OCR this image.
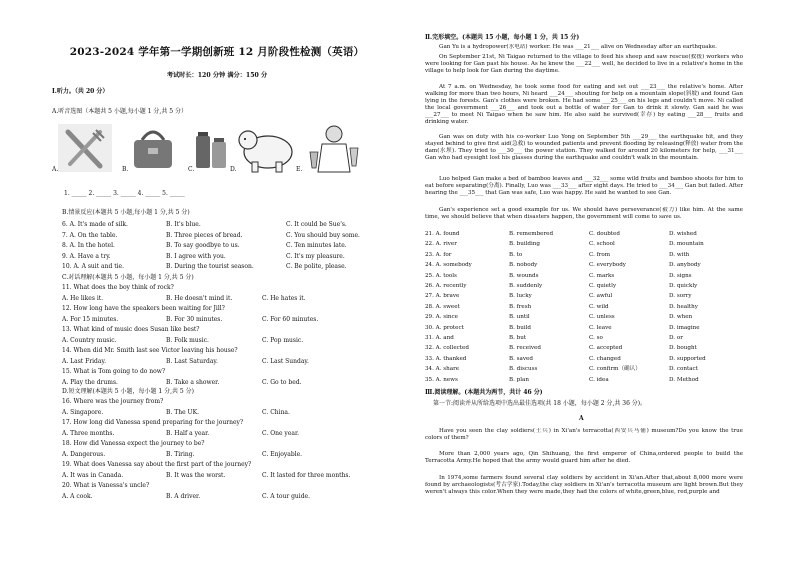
2023-2024 学年第一学期创新班 12 月阶段性检测（英语）
考试时长：120 分钟 满分：150 分
Ⅰ.听力。（共 20 分）
A.听音选图（本题共 5 小题,每小题 1 分,共 5 分）
A.	B.	C.	D.	E.
1. _____ 2. _____ 3. _____ 4. _____ 5. _____
B.情景反应(本题共 5 小题,每小题 1 分,共 5 分)
6. A. It's made of silk.	B. It's blue.	C. It could be Sue's.
7. A. On the table.	B. Three pieces of bread.	C. You should buy some.
8. A. In the hotel.	B. To say goodbye to us.	C. Ten minutes late.
9. A. Have a try.	B. I agree with you.	C. It's my pleasure.
10. A. A suit and tie.	B. During the tourist season.	C. Be polite, please.
C.对话理解(本题共 5 小题，每小题 1 分,共 5 分)
11. What does the boy think of rock?
A. He likes it.	B. He doesn't mind it.	C. He hates it.
12. How long have the speakers been waiting for Jill?
A. For 15 minutes.	B. For 30 minutes.	C. For 60 minutes.
13. What kind of music does Susan like best?
A. Country music.	B. Folk music.	C. Pop music.
14. When did Mr. Smith last see Victor leaving his house?
A. Last Friday.	B. Last Saturday.	C. Last Sunday.
15. What is Tom going to do now?
A. Play the drums.	B. Take a shower.	C. Go to bed.
D.短文理解(本题共 5 小题，每小题 1 分,共 5 分)
16. Where was the journey from?
A. Singapore.	B. The UK.	C. China.
17. How long did Vanessa spend preparing for the journey?
A. Three months.	B. Half a year.	C. One year.
18. How did Vanessa expect the journey to be?
A. Dangerous.	B. Tiring.	C. Enjoyable.
19. What does Vanessa say about the first part of the journey?
A. It was in Canada.	B. It was the worst.	C. It lasted for three months.
20. What is Vanessa's uncle?
A. A cook.	B. A driver.	C. A tour guide.
Ⅱ.完形填空。(本题共 15 小题，每小题 1 分，共 15 分)
Gan Yu is a hydropower(水电站) worker. He was ___21___ alive on Wednesday after an earthquake.
On September 21st, Ni Taigao returned to the village to feed his sheep and saw rescue(救援) workers who were looking for Gan past his house. As he knew the ___22___ well, he decided to live in a relative's home in the village to help look for Gan during the daytime.
At 7 a.m. on Wednesday, he took some food for eating and set out ___23___ the relative's home. After walking for more than two hours, Ni heard ___24___ shouting for help on a mountain slope(斜坡) and found Gan lying in the forests. Gan's clothes were broken. He had some ___25___ on his legs and couldn't move. Ni called the local government ___26___ and took out a bottle of water for Gan to drink it slowly. Gan said he was ___27___ to meet Ni Taigao when he saw him. He also said he survived(幸存) by eating ___28___ fruits and drinking water.
Gan was on duty with his co-worker Luo Yong on September 5th ___29___ the earthquake hit, and they stayed behind to give first aid(急救) to wounded patients and prevent flooding by releasing(释放) water from the dam(水坝). They tried to ___30___ the power station. They walked for around 20 kilometers for help, ___31___ Gan who had eyesight lost his glasses during the earthquake and couldn't walk in the mountain.
Luo helped Gan make a bed of bamboo leaves and ___32___ some wild fruits and bamboo shoots for him to eat before separating(分离). Finally, Luo was ___33___ after eight days. He tried to ___34___ Gan but failed. After hearing the ___35___ that Gan was safe, Luo was happy. He said he wanted to see Gan.
Gan's experience set a good example for us. We should have perseverance(毅力) like him. At the same time, we should believe that when disasters happen, the government will come to save us.
21. A. found	B. remembered	C. doubted	D. wished
22. A. river	B. building	C. school	D. mountain
23. A. for	B. to	C. from	D. with
24. A. somebody	B. nobody	C. everybody	D. anybody
25. A. tools	B. wounds	C. marks	D. signs
26. A. recently	B. suddenly	C. quietly	D. quickly
27. A. brave	B. lucky	C. awful	D. sorry
28. A. sweet	B. fresh	C. wild	D. healthy
29. A. since	B. until	C. unless	D. when
30. A. protect	B. build	C. leave	D. imagine
31. A. and	B. but	C. so	D. or
32. A. collected	B. received	C. accepted	D. bought
33. A. thanked	B. saved	C. changed	D. supported
34. A. share	B. discuss	C. confirm（确认）	D. contact
35. A. news	B. plan	C. idea	D. Method
Ⅲ.阅读理解。(本题共为两节，共计 46 分)
第一节:阅读并从所给选项中选出最佳选项(共 18 小题，每小题 2 分,共 36 分)。
A
Have you seen the clay soldiers(士兵) in Xi'an's terracotta(西安兵马俑) museum?Do you know the true colors of them?
More than 2,000 years ago, Qin Shihuang, the first emperor of China,ordered people to build the Terracotta Army.He hoped that the army would guard him after he died.
In 1974,some farmers found several clay soldiers by accident in Xi'an.After that,about 8,000 more were found by archaeologists(考古学家).Today,the clay soldiers in Xi'an's terracotta museum are light brown.But they weren't always this color.When they were made,they had the colors of white,green,blue, red,purple and
